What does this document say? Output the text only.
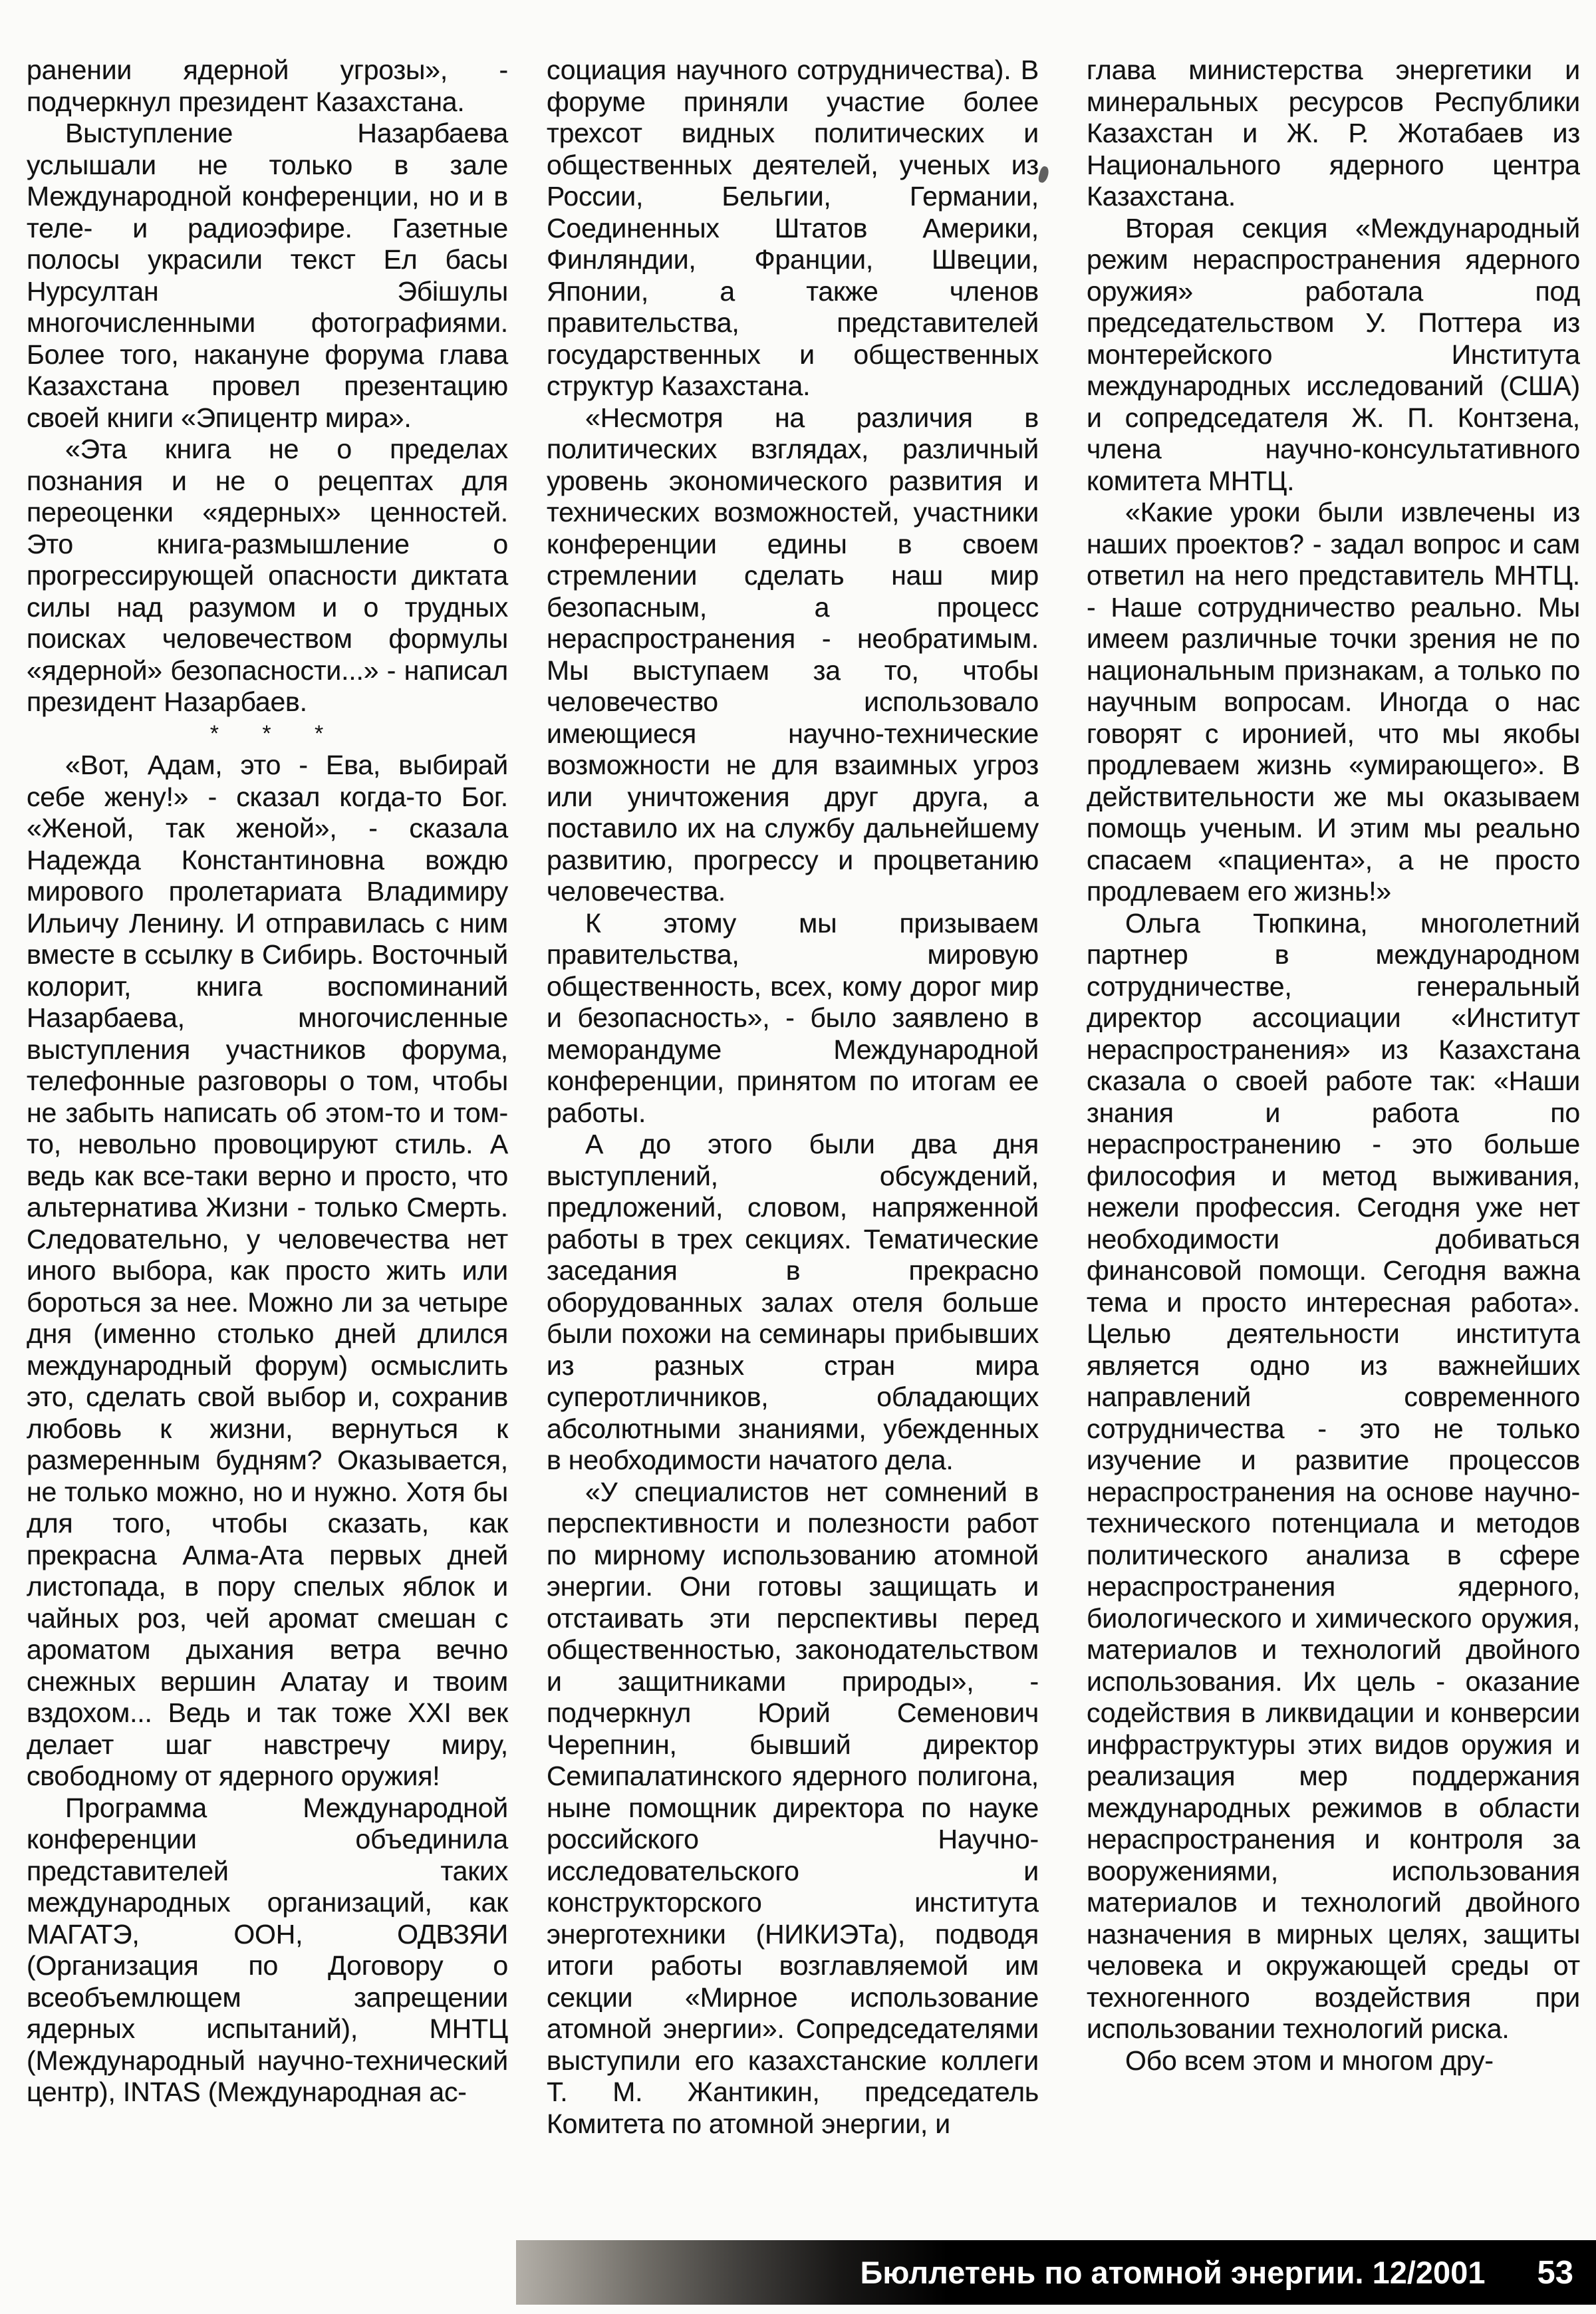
ранении ядерной угрозы», - подчеркнул президент Казахстана.

Выступление Назарбаева услышали не только в зале Международной конференции, но и в теле- и радиоэфире. Газетные полосы украсили текст Ел басы Нурсултан Эбішулы многочисленными фотографиями. Более того, накануне форума глава Казахстана провел презентацию своей книги «Эпицентр мира».

«Эта книга не о пределах познания и не о рецептах для переоценки «ядерных» ценностей. Это книга-размышление о прогрессирующей опасности диктата силы над разумом и о трудных поисках человечеством формулы «ядерной» безопасности...» - написал президент Назарбаев.

* * *

«Вот, Адам, это - Ева, выбирай себе жену!» - сказал когда-то Бог. «Женой, так женой», - сказала Надежда Константиновна вождю мирового пролетариата Владимиру Ильичу Ленину. И отправилась с ним вместе в ссылку в Сибирь. Восточный колорит, книга воспоминаний Назарбаева, многочисленные выступления участников форума, телефонные разговоры о том, чтобы не забыть написать об этом-то и том-то, невольно провоцируют стиль. А ведь как все-таки верно и просто, что альтернатива Жизни - только Смерть. Следовательно, у человечества нет иного выбора, как просто жить или бороться за нее. Можно ли за четыре дня (именно столько дней длился международный форум) осмыслить это, сделать свой выбор и, сохранив любовь к жизни, вернуться к размеренным будням? Оказывается, не только можно, но и нужно. Хотя бы для того, чтобы сказать, как прекрасна Алма-Ата первых дней листопада, в пору спелых яблок и чайных роз, чей аромат смешан с ароматом дыхания ветра вечно снежных вершин Алатау и твоим вздохом... Ведь и так тоже XXI век делает шаг навстречу миру, свободному от ядерного оружия!

Программа Международной конференции объединила представителей таких международных организаций, как МАГАТЭ, ООН, ОДВЗЯИ (Организация по Договору о всеобъемлющем запрещении ядерных испытаний), МНТЦ (Международный научно-технический центр), INTAS (Международная ас-

социация научного сотрудничества). В форуме приняли участие более трехсот видных политических и общественных деятелей, ученых из России, Бельгии, Германии, Соединенных Штатов Америки, Финляндии, Франции, Швеции, Японии, а также членов правительства, представителей государственных и общественных структур Казахстана.

«Несмотря на различия в политических взглядах, различный уровень экономического развития и технических возможностей, участники конференции едины в своем стремлении сделать наш мир безопасным, а процесс нераспространения - необратимым. Мы выступаем за то, чтобы человечество использовало имеющиеся научно-технические возможности не для взаимных угроз или уничтожения друг друга, а поставило их на службу дальнейшему развитию, прогрессу и процветанию человечества.

К этому мы призываем правительства, мировую общественность, всех, кому дорог мир и безопасность», - было заявлено в меморандуме Международной конференции, принятом по итогам ее работы.

А до этого были два дня выступлений, обсуждений, предложений, словом, напряженной работы в трех секциях. Тематические заседания в прекрасно оборудованных залах отеля больше были похожи на семинары прибывших из разных стран мира суперотличников, обладающих абсолютными знаниями, убежденных в необходимости начатого дела.

«У специалистов нет сомнений в перспективности и полезности работ по мирному использованию атомной энергии. Они готовы защищать и отстаивать эти перспективы перед общественностью, законодательством и защитниками природы», - подчеркнул Юрий Семенович Черепнин, бывший директор Семипалатинского ядерного полигона, ныне помощник директора по науке российского Научно-исследовательского и конструкторского института энерготехники (НИКИЭТа), подводя итоги работы возглавляемой им секции «Мирное использование атомной энергии». Сопредседателями выступили его казахстанские коллеги Т. М. Жантикин, председатель Комитета по атомной энергии, и

глава министерства энергетики и минеральных ресурсов Республики Казахстан и Ж. Р. Жотабаев из Национального ядерного центра Казахстана.

Вторая секция «Международный режим нераспространения ядерного оружия» работала под председательством У. Поттера из монтерейского Института международных исследований (США) и сопредседателя Ж. П. Контзена, члена научно-консультативного комитета МНТЦ.

«Какие уроки были извлечены из наших проектов? - задал вопрос и сам ответил на него представитель МНТЦ. - Наше сотрудничество реально. Мы имеем различные точки зрения не по национальным признакам, а только по научным вопросам. Иногда о нас говорят с иронией, что мы якобы продлеваем жизнь «умирающего». В действительности же мы оказываем помощь ученым. И этим мы реально спасаем «пациента», а не просто продлеваем его жизнь!»

Ольга Тюпкина, многолетний партнер в международном сотрудничестве, генеральный директор ассоциации «Институт нераспространения» из Казахстана сказала о своей работе так: «Наши знания и работа по нераспространению - это больше философия и метод выживания, нежели профессия. Сегодня уже нет необходимости добиваться финансовой помощи. Сегодня важна тема и просто интересная работа». Целью деятельности института является одно из важнейших направлений современного сотрудничества - это не только изучение и развитие процессов нераспространения на основе научно-технического потенциала и методов политического анализа в сфере нераспространения ядерного, биологического и химического оружия, материалов и технологий двойного использования. Их цель - оказание содействия в ликвидации и конверсии инфраструктуры этих видов оружия и реализация мер поддержания международных режимов в области нераспространения и контроля за вооружениями, использования материалов и технологий двойного назначения в мирных целях, защиты человека и окружающей среды от техногенного воздействия при использовании технологий риска.

Обо всем этом и многом дру-

Бюллетень по атомной энергии. 12/2001 53
